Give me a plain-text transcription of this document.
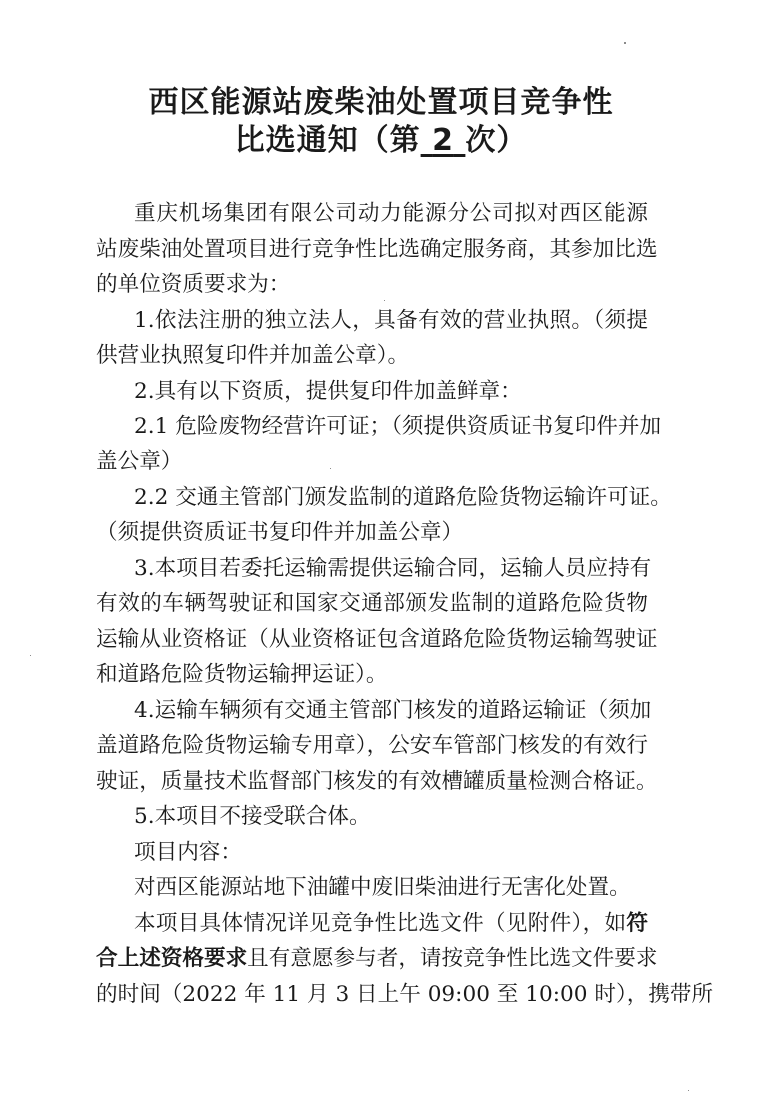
西区能源站废柴油处置项目竞争性
比选通知（第 2 次）
重庆机场集团有限公司动力能源分公司拟对西区能源
站废柴油处置项目进行竞争性比选确定服务商，其参加比选
的单位资质要求为：
1.依法注册的独立法人，具备有效的营业执照。（须提
供营业执照复印件并加盖公章）。
2.具有以下资质，提供复印件加盖鲜章：
2.1 危险废物经营许可证；（须提供资质证书复印件并加
盖公章）
2.2 交通主管部门颁发监制的道路危险货物运输许可证。
（须提供资质证书复印件并加盖公章）
3.本项目若委托运输需提供运输合同，运输人员应持有
有效的车辆驾驶证和国家交通部颁发监制的道路危险货物
运输从业资格证（从业资格证包含道路危险货物运输驾驶证
和道路危险货物运输押运证）。
4.运输车辆须有交通主管部门核发的道路运输证（须加
盖道路危险货物运输专用章），公安车管部门核发的有效行
驶证，质量技术监督部门核发的有效槽罐质量检测合格证。
5.本项目不接受联合体。
项目内容：
对西区能源站地下油罐中废旧柴油进行无害化处置。
本项目具体情况详见竞争性比选文件（见附件），如符
合上述资格要求且有意愿参与者，请按竞争性比选文件要求
的时间（2022 年 11 月 3 日上午 09:00 至 10:00 时），携带所
